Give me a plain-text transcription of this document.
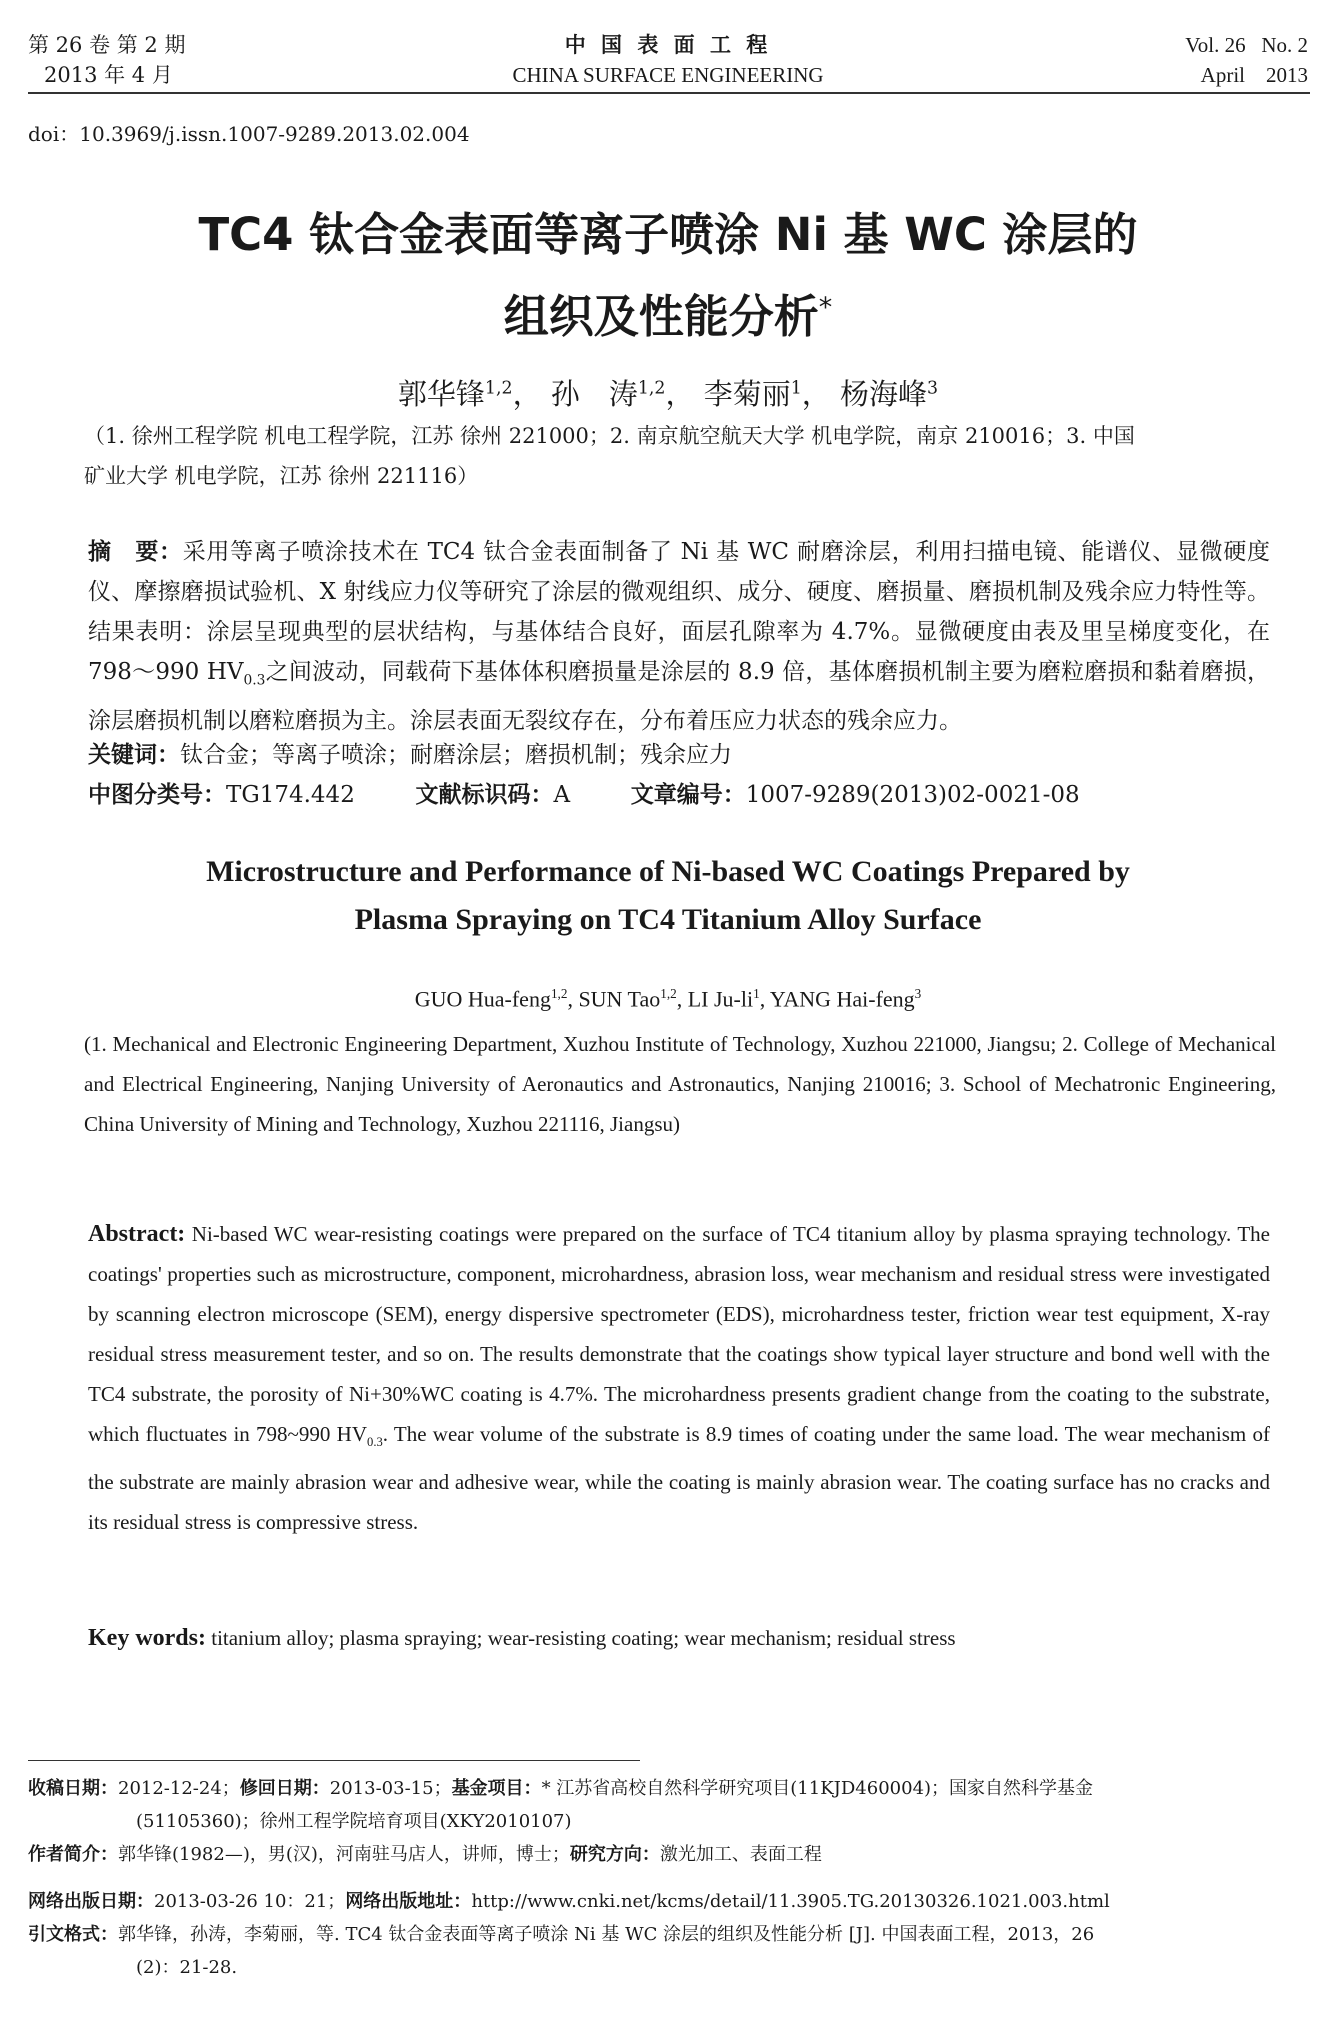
第 26 卷 第 2 期
2013 年 4 月
中 国 表 面 工 程
CHINA SURFACE ENGINEERING
Vol. 26   No. 2
April    2013
doi：10.3969/j.issn.1007-9289.2013.02.004
TC4 钛合金表面等离子喷涂 Ni 基 WC 涂层的
组织及性能分析*
郭华锋$^{1,2}$， 孙　涛$^{1,2}$， 李菊丽$^1$， 杨海峰$^3$
（1. 徐州工程学院 机电工程学院，江苏 徐州 221000；2. 南京航空航天大学 机电学院，南京 210016；3. 中国
矿业大学 机电学院，江苏 徐州 221116）
摘　要：采用等离子喷涂技术在 TC4 钛合金表面制备了 Ni 基 WC 耐磨涂层，利用扫描电镜、能谱仪、显微硬度仪、摩擦磨损试验机、X 射线应力仪等研究了涂层的微观组织、成分、硬度、磨损量、磨损机制及残余应力特性等。结果表明：涂层呈现典型的层状结构，与基体结合良好，面层孔隙率为 4.7%。显微硬度由表及里呈梯度变化，在 798～990 $HV_{0.3}$之间波动，同载荷下基体体积磨损量是涂层的 8.9 倍，基体磨损机制主要为磨粒磨损和黏着磨损，涂层磨损机制以磨粒磨损为主。涂层表面无裂纹存在，分布着压应力状态的残余应力。
关键词：钛合金；等离子喷涂；耐磨涂层；磨损机制；残余应力
中图分类号：TG174.442	文献标识码：A	文章编号：1007-9289(2013)02-0021-08
Microstructure and Performance of Ni-based WC Coatings Prepared by
Plasma Spraying on TC4 Titanium Alloy Surface
GUO Hua-feng$^{1,2}$, SUN Tao$^{1,2}$, LI $Ju-li^1$, YANG Hai-feng$^3$
(1. Mechanical and Electronic Engineering Department, Xuzhou Institute of Technology, Xuzhou 221000, Jiangsu; 2. College of Mechanical and Electrical Engineering, Nanjing University of Aeronautics and Astronautics, Nanjing 210016; 3. School of Mechatronic Engineering, China University of Mining and Technology, Xuzhou 221116, Jiangsu)
Abstract: Ni-based WC wear-resisting coatings were prepared on the surface of TC4 titanium alloy by plasma spraying technology. The coatings' properties such as microstructure, component, microhardness, abrasion loss, wear mechanism and residual stress were investigated by scanning electron microscope (SEM), energy dispersive spectrometer (EDS), microhardness tester, friction wear test equipment, X-ray residual stress measurement tester, and so on. The results demonstrate that the coatings show typical layer structure and bond well with the TC4 substrate, the porosity of Ni+30%WC coating is 4.7%. The microhardness presents gradient change from the coating to the substrate, which fluctuates in 798~990 $HV_{0.3}$. The wear volume of the substrate is 8.9 times of coating under the same load. The wear mechanism of the substrate are mainly abrasion wear and adhesive wear, while the coating is mainly abrasion wear. The coating surface has no cracks and its residual stress is compressive stress.
Key words: titanium alloy; plasma spraying; wear-resisting coating; wear mechanism; residual stress
收稿日期：2012-12-24；修回日期：2013-03-15；基金项目：* 江苏省高校自然科学研究项目(11KJD460004)；国家自然科学基金
(51105360)；徐州工程学院培育项目(XKY2010107)
作者简介：郭华锋(1982—)，男(汉)，河南驻马店人，讲师，博士；研究方向：激光加工、表面工程
网络出版日期：2013-03-26 10：21；网络出版地址：http://www.cnki.net/kcms/detail/11.3905.TG.20130326.1021.003.html
引文格式：郭华锋，孙涛，李菊丽，等. TC4 钛合金表面等离子喷涂 Ni 基 WC 涂层的组织及性能分析 [J]. 中国表面工程，2013，26
(2)：21-28.
